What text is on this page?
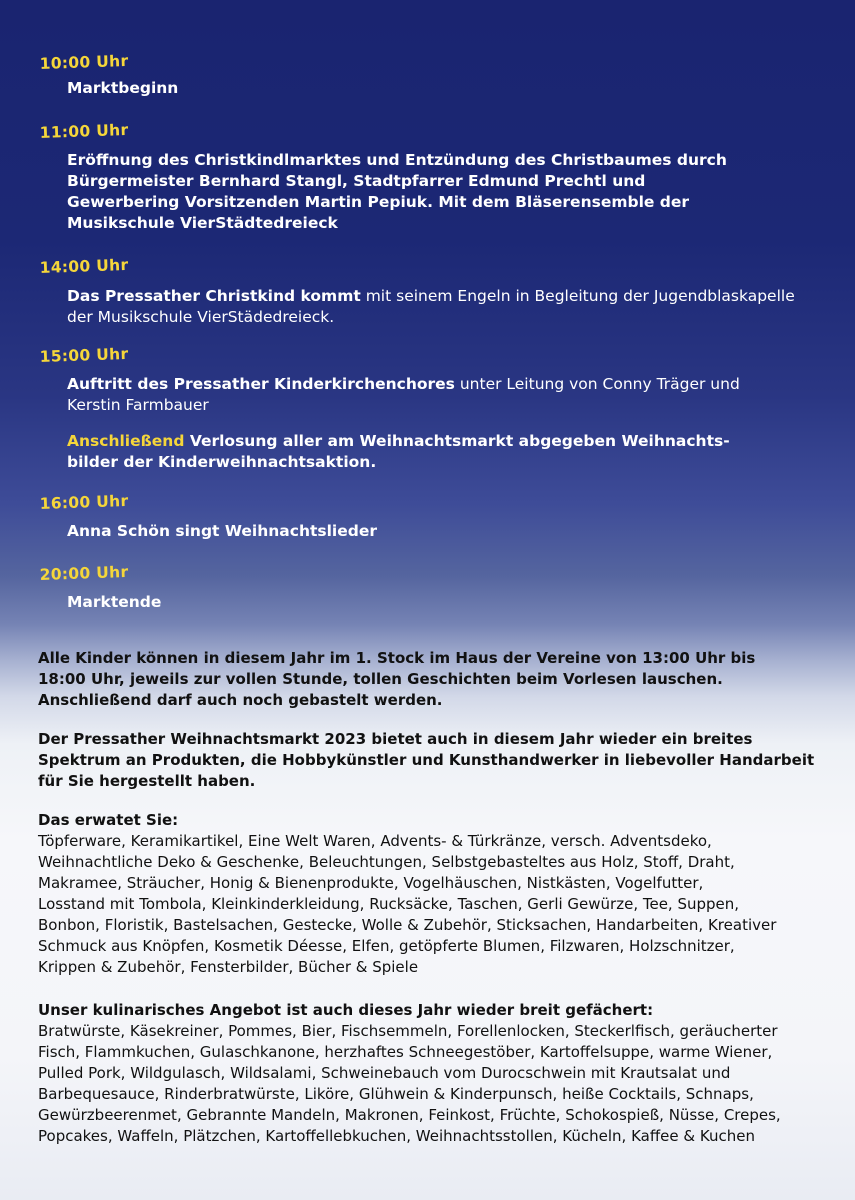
10:00 Uhr
Marktbeginn
11:00 Uhr
Eröffnung des Christkindlmarktes und Entzündung des Christbaumes durch
Bürgermeister Bernhard Stangl, Stadtpfarrer Edmund Prechtl und
Gewerbering Vorsitzenden Martin Pepiuk. Mit dem Bläserensemble der
Musikschule VierStädtedreieck
14:00 Uhr
Das Pressather Christkind kommt mit seinem Engeln in Begleitung der Jugendblaskapelle
der Musikschule VierStädedreieck.
15:00 Uhr
Auftritt des Pressather Kinderkirchenchores unter Leitung von Conny Träger und
Kerstin Farmbauer
Anschließend Verlosung aller am Weihnachtsmarkt abgegeben Weihnachts-
bilder der Kinderweihnachtsaktion.
16:00 Uhr
Anna Schön singt Weihnachtslieder
20:00 Uhr
Marktende
Alle Kinder können in diesem Jahr im 1. Stock im Haus der Vereine von 13:00 Uhr bis
18:00 Uhr, jeweils zur vollen Stunde, tollen Geschichten beim Vorlesen lauschen.
Anschließend darf auch noch gebastelt werden.
Der Pressather Weihnachtsmarkt 2023 bietet auch in diesem Jahr wieder ein breites
Spektrum an Produkten, die Hobbykünstler und Kunsthandwerker in liebevoller Handarbeit
für Sie hergestellt haben.
Das erwatet Sie:
Töpferware, Keramikartikel, Eine Welt Waren, Advents- & Türkränze, versch. Adventsdeko,
Weihnachtliche Deko & Geschenke, Beleuchtungen, Selbstgebasteltes aus Holz, Stoff, Draht,
Makramee, Sträucher, Honig & Bienenprodukte, Vogelhäuschen, Nistkästen, Vogelfutter,
Losstand mit Tombola, Kleinkinderkleidung, Rucksäcke, Taschen, Gerli Gewürze, Tee, Suppen,
Bonbon, Floristik, Bastelsachen, Gestecke, Wolle & Zubehör, Sticksachen, Handarbeiten, Kreativer
Schmuck aus Knöpfen, Kosmetik Déesse, Elfen, getöpferte Blumen, Filzwaren, Holzschnitzer,
Krippen & Zubehör, Fensterbilder, Bücher & Spiele
Unser kulinarisches Angebot ist auch dieses Jahr wieder breit gefächert:
Bratwürste, Käsekreiner, Pommes, Bier, Fischsemmeln, Forellenlocken, Steckerlfisch, geräucherter
Fisch, Flammkuchen, Gulaschkanone, herzhaftes Schneegestöber, Kartoffelsuppe, warme Wiener,
Pulled Pork, Wildgulasch, Wildsalami, Schweinebauch vom Durocschwein mit Krautsalat und
Barbequesauce, Rinderbratwürste, Liköre, Glühwein & Kinderpunsch, heiße Cocktails, Schnaps,
Gewürzbeerenmet, Gebrannte Mandeln, Makronen, Feinkost, Früchte, Schokospieß, Nüsse, Crepes,
Popcakes, Waffeln, Plätzchen, Kartoffellebkuchen, Weihnachtsstollen, Kücheln, Kaffee & Kuchen
